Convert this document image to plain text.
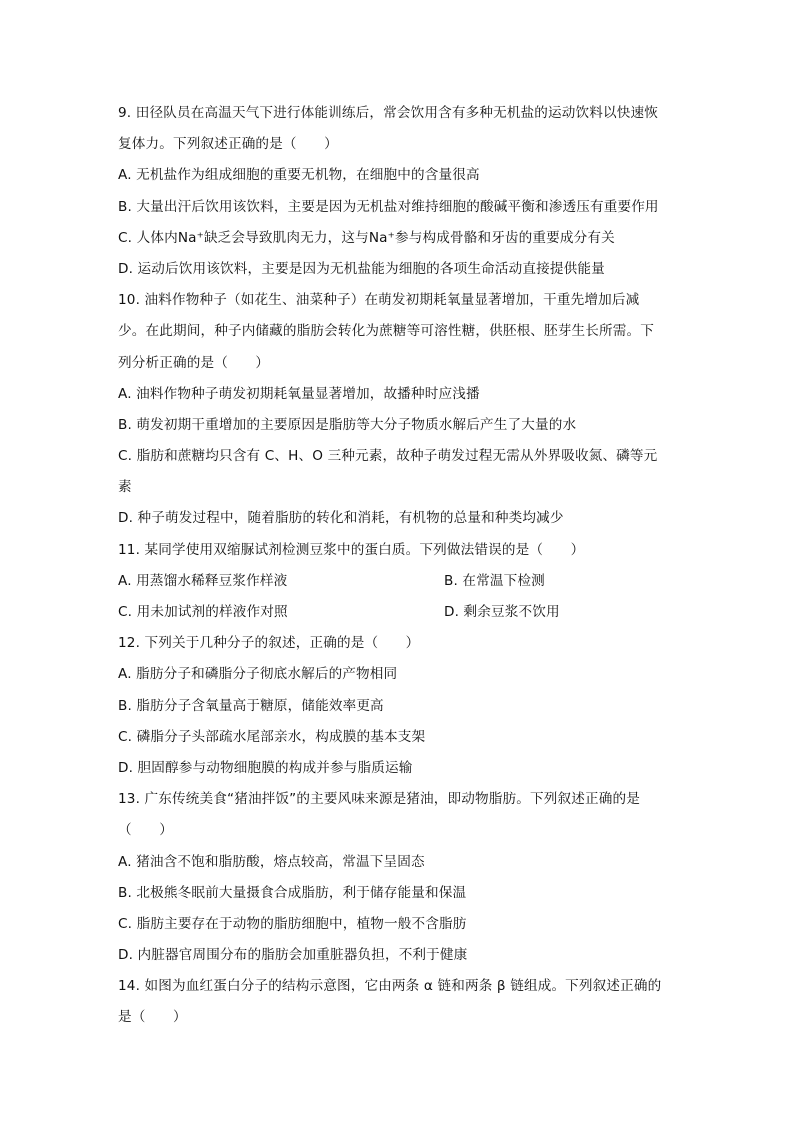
9. 田径队员在高温天气下进行体能训练后，常会饮用含有多种无机盐的运动饮料以快速恢
复体力。下列叙述正确的是（　　）
A. 无机盐作为组成细胞的重要无机物，在细胞中的含量很高
B. 大量出汗后饮用该饮料，主要是因为无机盐对维持细胞的酸碱平衡和渗透压有重要作用
C. 人体内Na⁺缺乏会导致肌肉无力，这与Na⁺参与构成骨骼和牙齿的重要成分有关
D. 运动后饮用该饮料，主要是因为无机盐能为细胞的各项生命活动直接提供能量
10. 油料作物种子（如花生、油菜种子）在萌发初期耗氧量显著增加，干重先增加后减
少。在此期间，种子内储藏的脂肪会转化为蔗糖等可溶性糖，供胚根、胚芽生长所需。下
列分析正确的是（　　）
A. 油料作物种子萌发初期耗氧量显著增加，故播种时应浅播
B. 萌发初期干重增加的主要原因是脂肪等大分子物质水解后产生了大量的水
C. 脂肪和蔗糖均只含有 C、H、O 三种元素，故种子萌发过程无需从外界吸收氮、磷等元
素
D. 种子萌发过程中，随着脂肪的转化和消耗，有机物的总量和种类均减少
11. 某同学使用双缩脲试剂检测豆浆中的蛋白质。下列做法错误的是（　　）
A. 用蒸馏水稀释豆浆作样液	B. 在常温下检测
C. 用未加试剂的样液作对照	D. 剩余豆浆不饮用
12. 下列关于几种分子的叙述，正确的是（　　）
A. 脂肪分子和磷脂分子彻底水解后的产物相同
B. 脂肪分子含氧量高于糖原，储能效率更高
C. 磷脂分子头部疏水尾部亲水，构成膜的基本支架
D. 胆固醇参与动物细胞膜的构成并参与脂质运输
13. 广东传统美食“猪油拌饭”的主要风味来源是猪油，即动物脂肪。下列叙述正确的是
（　　）
A. 猪油含不饱和脂肪酸，熔点较高，常温下呈固态
B. 北极熊冬眠前大量摄食合成脂肪，利于储存能量和保温
C. 脂肪主要存在于动物的脂肪细胞中，植物一般不含脂肪
D. 内脏器官周围分布的脂肪会加重脏器负担，不利于健康
14. 如图为血红蛋白分子的结构示意图，它由两条 α 链和两条 β 链组成。下列叙述正确的
是（　　）
